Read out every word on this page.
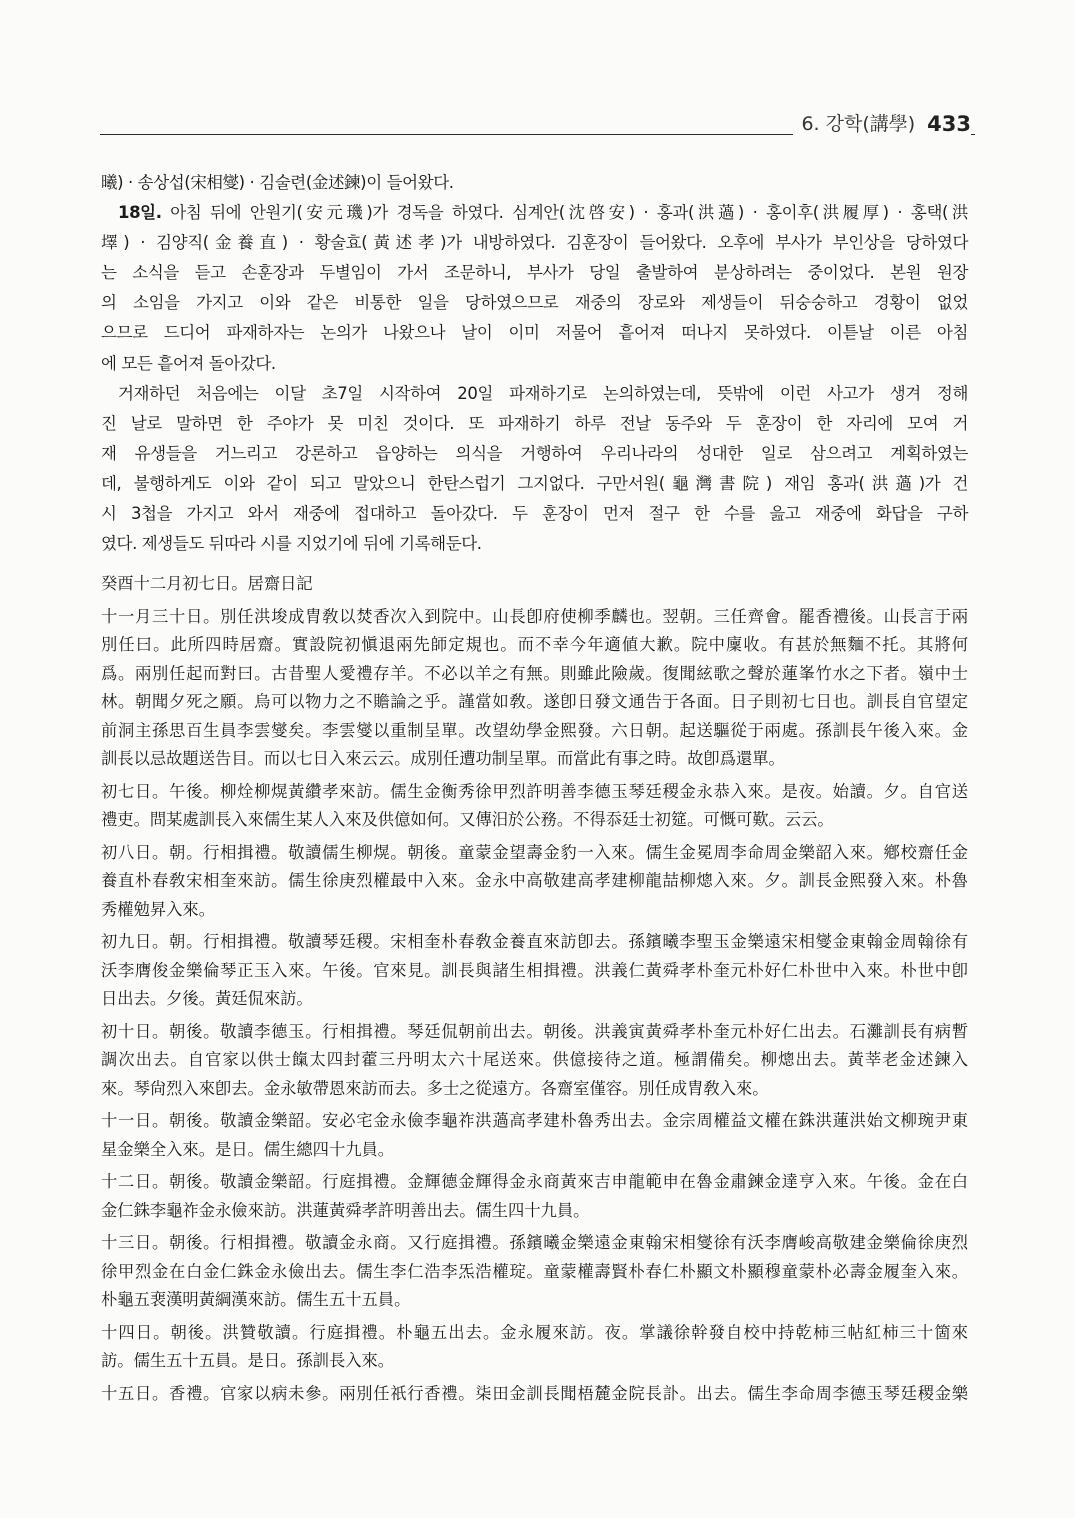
6. 강학(講學) 433
曦) · 송상섭(宋相燮) · 김술련(金述鍊)이 들어왔다.
18일. 아침 뒤에 안원기(安元璣)가 경독을 하였다. 심계안(沈啓安) · 홍과(洪薖) · 홍이후(洪履厚) · 홍택(洪
墿) · 김양직(金養直) · 황술효(黃述孝)가 내방하였다. 김훈장이 들어왔다. 오후에 부사가 부인상을 당하였다
는 소식을 듣고 손훈장과 두별임이 가서 조문하니, 부사가 당일 출발하여 분상하려는 중이었다. 본원 원장
의 소임을 가지고 이와 같은 비통한 일을 당하였으므로 재중의 장로와 제생들이 뒤숭숭하고 경황이 없었
으므로 드디어 파재하자는 논의가 나왔으나 날이 이미 저물어 흩어져 떠나지 못하였다. 이튿날 이른 아침
에 모든 흩어져 돌아갔다.
거재하던 처음에는 이달 초7일 시작하여 20일 파재하기로 논의하였는데, 뜻밖에 이런 사고가 생겨 정해
진 날로 말하면 한 주야가 못 미친 것이다. 또 파재하기 하루 전날 동주와 두 훈장이 한 자리에 모여 거
재 유생들을 거느리고 강론하고 읍양하는 의식을 거행하여 우리나라의 성대한 일로 삼으려고 계획하였는
데, 불행하게도 이와 같이 되고 말았으니 한탄스럽기 그지없다. 구만서원(龜灣書院) 재임 홍과(洪薖)가 건
시 3첩을 가지고 와서 재중에 접대하고 돌아갔다. 두 훈장이 먼저 절구 한 수를 읊고 재중에 화답을 구하
였다. 제생들도 뒤따라 시를 지었기에 뒤에 기록해둔다.
癸酉十二月初七日。居齋日記
十一月三十日。別任洪埈成胄敎以焚香次入到院中。山長卽府使柳季麟也。翌朝。三任齊會。罷香禮後。山長言于兩
別任曰。此所四時居齋。實設院初愼退兩先師定規也。而不幸今年適値大歉。院中廩收。有甚於無麵不托。其將何
爲。兩別任起而對曰。古昔聖人愛禮存羊。不必以羊之有無。則雖此險歲。復聞絃歌之聲於蓮峯竹水之下者。嶺中士
林。朝聞夕死之願。烏可以物力之不贍論之乎。謹當如敎。遂卽日發文通告于各面。日子則初七日也。訓長自官望定
前洞主孫思百生員李雲燮矣。李雲燮以重制呈單。改望幼學金熙發。六日朝。起送驅從于兩處。孫訓長午後入來。金
訓長以忌故題送告目。而以七日入來云云。成別任遭功制呈單。而當此有事之時。故卽爲還單。
初七日。午後。柳烇柳熀黃纘孝來訪。儒生金衡秀徐甲烈許明善李德玉琴廷稷金永恭入來。是夜。始讀。夕。自官送
禮吏。問某處訓長入來儒生某人入來及供億如何。又傳汨於公務。不得忝廷士初筵。可慨可歎。云云。
初八日。朝。行相揖禮。敬讀儒生柳熀。朝後。童蒙金望壽金豹一入來。儒生金冕周李命周金樂韶入來。鄕校齋任金
養直朴春敎宋相奎來訪。儒生徐庚烈權最中入來。金永中高敬建高孝建柳龍喆柳熜入來。夕。訓長金熙發入來。朴魯
秀權勉昇入來。
初九日。朝。行相揖禮。敬讀琴廷稷。宋相奎朴春敎金養直來訪卽去。孫鑌曦李聖玉金樂遠宋相燮金東翰金周翰徐有
沃李膺俊金樂倫琴正玉入來。午後。官來見。訓長與諸生相揖禮。洪義仁黃舜孝朴奎元朴好仁朴世中入來。朴世中卽
日出去。夕後。黃廷侃來訪。
初十日。朝後。敬讀李德玉。行相揖禮。琴廷侃朝前出去。朝後。洪義寅黃舜孝朴奎元朴好仁出去。石灘訓長有病暫
調次出去。自官家以供士餼太四封藿三丹明太六十尾送來。供億接待之道。極謂備矣。柳熜出去。黃莘老金述鍊入
來。琴尙烈入來卽去。金永敏帶恩來訪而去。多士之從遠方。各齋室僅容。別任成胄敎入來。
十一日。朝後。敬讀金樂韶。安必宅金永儉李龜祚洪薖高孝建朴魯秀出去。金宗周權益文權在銖洪蓮洪始文柳琬尹東
星金樂全入來。是日。儒生總四十九員。
十二日。朝後。敬讀金樂韶。行庭揖禮。金輝德金輝得金永商黃來吉申龍範申在魯金肅鍊金達亨入來。午後。金在白
金仁銖李龜祚金永儉來訪。洪蓮黃舜孝許明善出去。儒生四十九員。
十三日。朝後。行相揖禮。敬讀金永商。又行庭揖禮。孫鑌曦金樂遠金東翰宋相燮徐有沃李膺峻高敬建金樂倫徐庚烈
徐甲烈金在白金仁銖金永儉出去。儒生李仁浩李炁浩權琔。童蒙權壽賢朴春仁朴顯文朴顯穆童蒙朴必壽金履奎入來。
朴龜五裵漢明黃綱漢來訪。儒生五十五員。
十四日。朝後。洪贊敬讀。行庭揖禮。朴龜五出去。金永履來訪。夜。掌議徐幹發自校中持乾柿三帖紅柿三十箇來
訪。儒生五十五員。是日。孫訓長入來。
十五日。香禮。官家以病未參。兩別任祇行香禮。柒田金訓長聞梧麓金院長訃。出去。儒生李命周李德玉琴廷稷金樂
